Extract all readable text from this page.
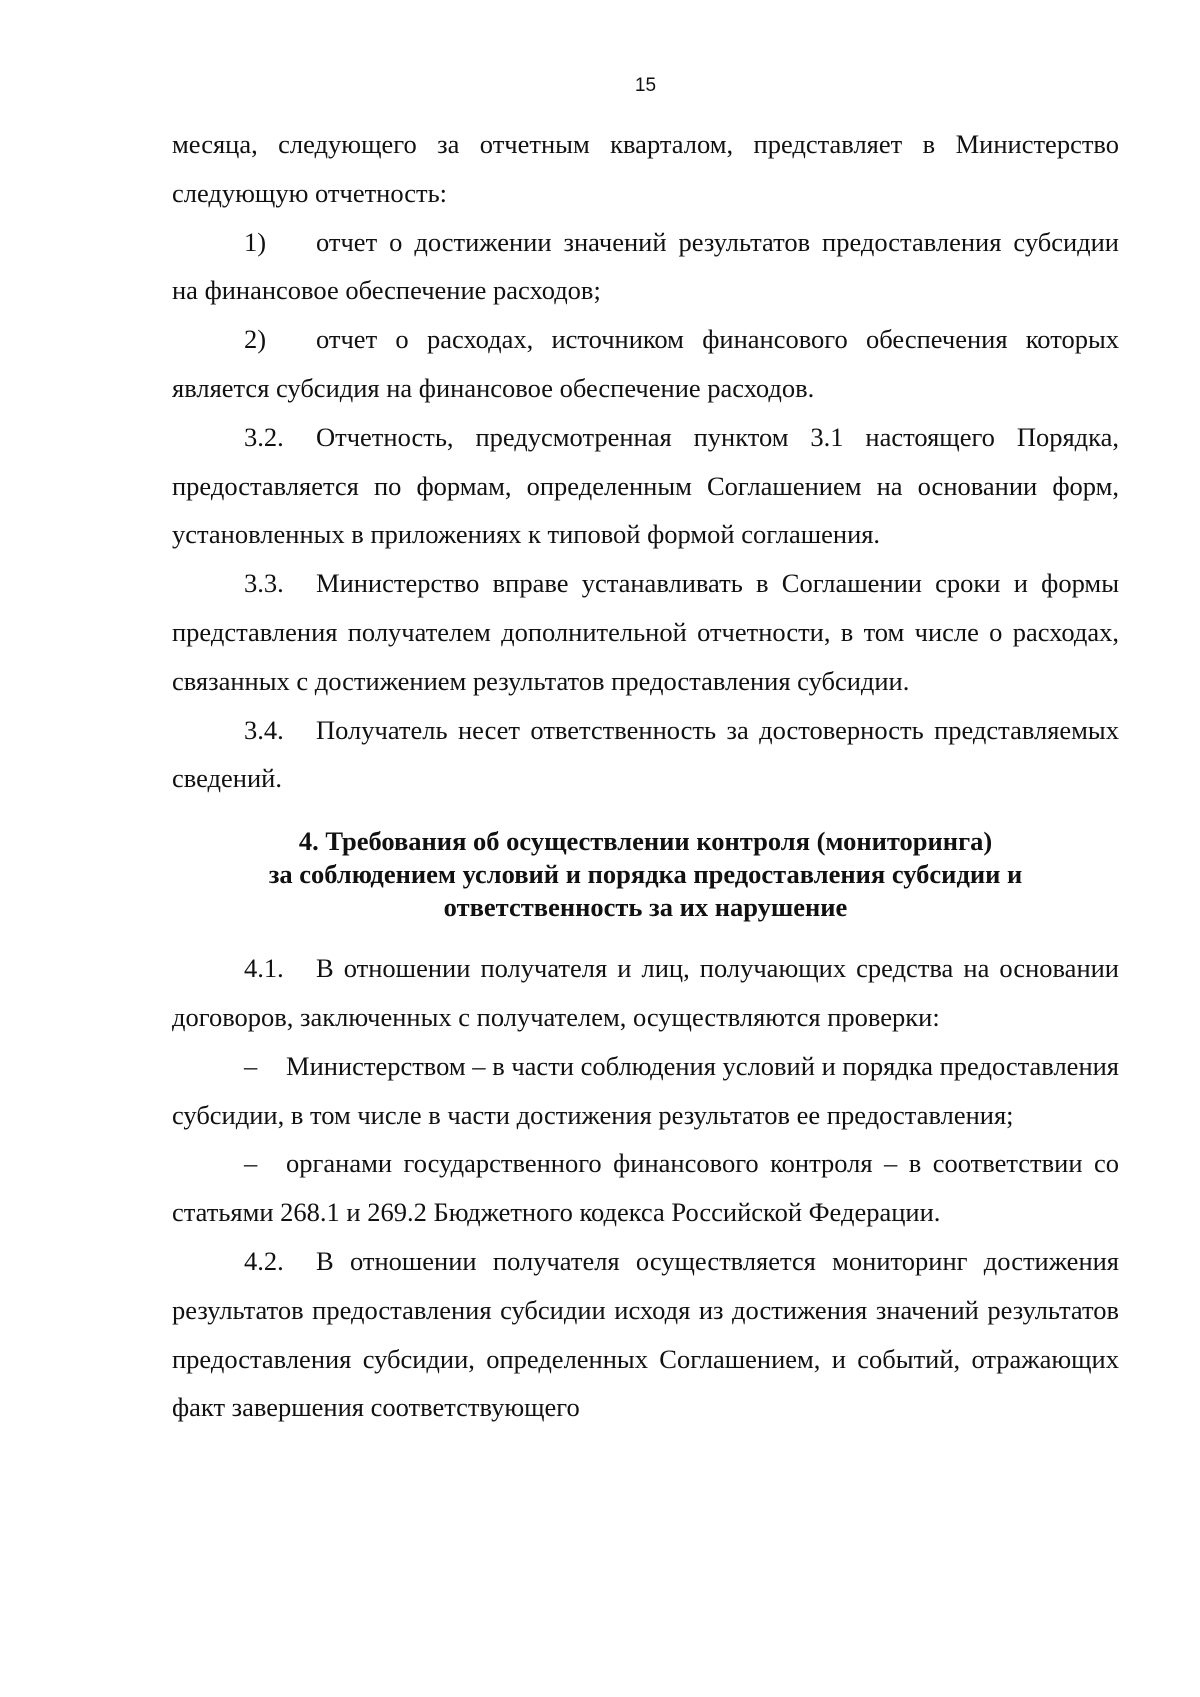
15

месяца, следующего за отчетным кварталом, представляет в Министерство следующую отчетность:

1) отчет о достижении значений результатов предоставления субсидии на финансовое обеспечение расходов;

2) отчет о расходах, источником финансового обеспечения которых является субсидия на финансовое обеспечение расходов.

3.2. Отчетность, предусмотренная пунктом 3.1 настоящего Порядка, предоставляется по формам, определенным Соглашением на основании форм, установленных в приложениях к типовой формой соглашения.

3.3. Министерство вправе устанавливать в Соглашении сроки и формы представления получателем дополнительной отчетности, в том числе о расходах, связанных с достижением результатов предоставления субсидии.

3.4. Получатель несет ответственность за достоверность представляемых сведений.

4. Требования об осуществлении контроля (мониторинга)
за соблюдением условий и порядка предоставления субсидии и
ответственность за их нарушение

4.1. В отношении получателя и лиц, получающих средства на основании договоров, заключенных с получателем, осуществляются проверки:

– Министерством – в части соблюдения условий и порядка предоставления субсидии, в том числе в части достижения результатов ее предоставления;

– органами государственного финансового контроля – в соответствии со статьями 268.1 и 269.2 Бюджетного кодекса Российской Федерации.

4.2. В отношении получателя осуществляется мониторинг достижения результатов предоставления субсидии исходя из достижения значений результатов предоставления субсидии, определенных Соглашением, и событий, отражающих факт завершения соответствующего
